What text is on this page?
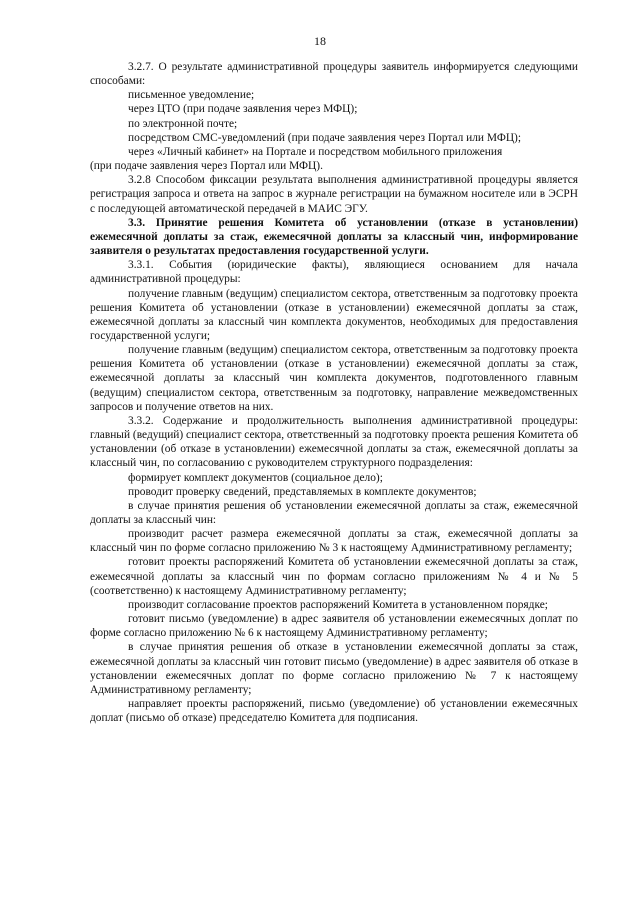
18

3.2.7. О результате административной процедуры заявитель информируется следующими способами:

письменное уведомление;

через ЦТО (при подаче заявления через МФЦ);

по электронной почте;

посредством СМС-уведомлений (при подаче заявления через Портал или МФЦ);

через «Личный кабинет» на Портале и посредством мобильного приложения

(при подаче заявления через Портал или МФЦ).

3.2.8 Способом фиксации результата выполнения административной процедуры является регистрация запроса и ответа на запрос в журнале регистрации на бумажном носителе или в ЭСРН с последующей автоматической передачей в МАИС ЭГУ.

3.3. Принятие решения Комитета об установлении (отказе в установлении) ежемесячной доплаты за стаж, ежемесячной доплаты за классный чин, информирование заявителя о результатах предоставления государственной услуги.

3.3.1. События (юридические факты), являющиеся основанием для начала административной процедуры:

получение главным (ведущим) специалистом сектора, ответственным за подготовку проекта решения Комитета об установлении (отказе в установлении) ежемесячной доплаты за стаж, ежемесячной доплаты за классный чин комплекта документов, необходимых для предоставления государственной услуги;

получение главным (ведущим) специалистом сектора, ответственным за подготовку проекта решения Комитета об установлении (отказе в установлении) ежемесячной доплаты за стаж, ежемесячной доплаты за классный чин комплекта документов, подготовленного главным (ведущим) специалистом сектора, ответственным за подготовку, направление межведомственных запросов и получение ответов на них.

3.3.2. Содержание и продолжительность выполнения административной процедуры: главный (ведущий) специалист сектора, ответственный за подготовку проекта решения Комитета об установлении (об отказе в установлении) ежемесячной доплаты за стаж, ежемесячной доплаты за классный чин, по согласованию с руководителем структурного подразделения:

формирует комплект документов (социальное дело);

проводит проверку сведений, представляемых в комплекте документов;

в случае принятия решения об установлении ежемесячной доплаты за стаж, ежемесячной доплаты за классный чин:

производит расчет размера ежемесячной доплаты за стаж, ежемесячной доплаты за классный чин по форме согласно приложению № 3 к настоящему Административному регламенту;

готовит проекты распоряжений Комитета об установлении ежемесячной доплаты за стаж, ежемесячной доплаты за классный чин по формам согласно приложениям № 4 и № 5 (соответственно) к настоящему Административному регламенту;

производит согласование проектов распоряжений Комитета в установленном порядке;

готовит письмо (уведомление) в адрес заявителя об установлении ежемесячных доплат по форме согласно приложению № 6 к настоящему Административному регламенту;

в случае принятия решения об отказе в установлении ежемесячной доплаты за стаж, ежемесячной доплаты за классный чин готовит письмо (уведомление) в адрес заявителя об отказе в установлении ежемесячных доплат по форме согласно приложению № 7 к настоящему Административному регламенту;

направляет проекты распоряжений, письмо (уведомление) об установлении ежемесячных доплат (письмо об отказе) председателю Комитета для подписания.
